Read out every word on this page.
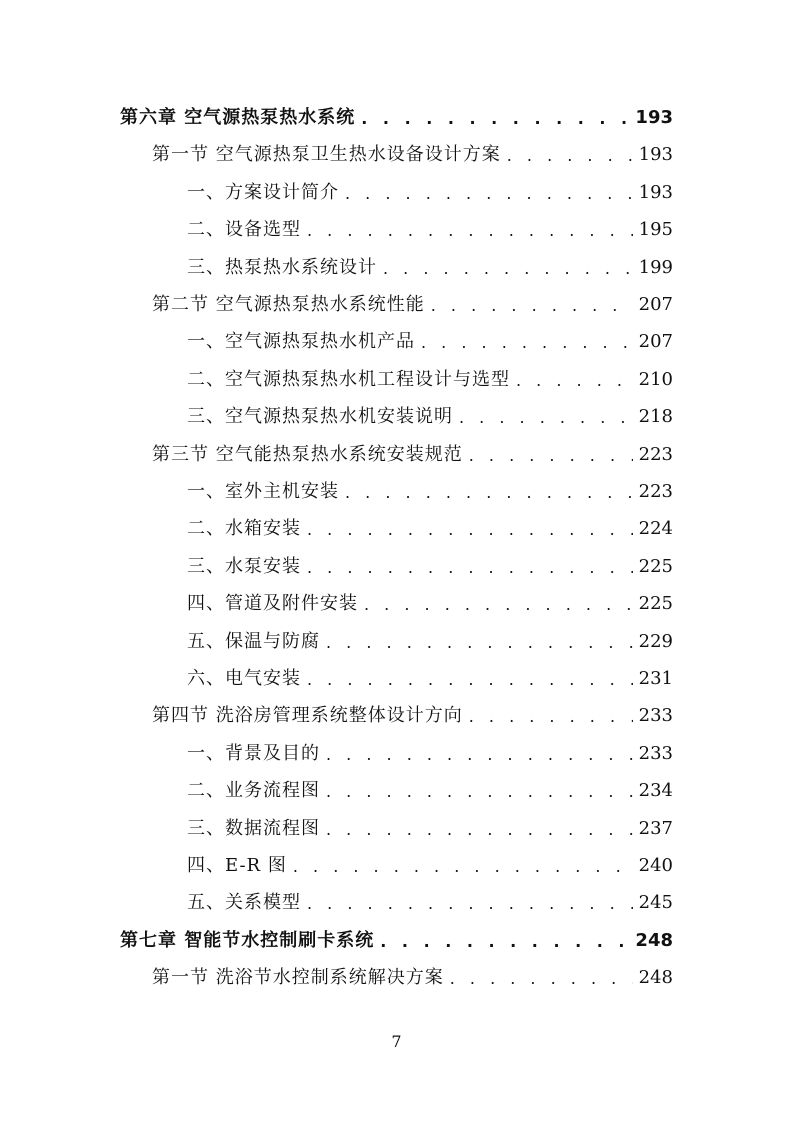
第六章 空气源热泵热水系统 . . .	193
第一节 空气源热泵卫生热水设备设计方案 . . .	193
一、方案设计简介 . . .	193
二、设备选型 . . .	195
三、热泵热水系统设计 . . .	199
第二节 空气源热泵热水系统性能 . . .	207
一、空气源热泵热水机产品 . . .	207
二、空气源热泵热水机工程设计与选型 . . .	210
三、空气源热泵热水机安装说明 . . .	218
第三节 空气能热泵热水系统安装规范 . . .	223
一、室外主机安装 . . .	223
二、水箱安装 . . .	224
三、水泵安装 . . .	225
四、管道及附件安装 . . .	225
五、保温与防腐 . . .	229
六、电气安装 . . .	231
第四节 洗浴房管理系统整体设计方向 . . .	233
一、背景及目的 . . .	233
二、业务流程图 . . .	234
三、数据流程图 . . .	237
四、E-R 图 . . .	240
五、关系模型 . . .	245
第七章 智能节水控制刷卡系统 . . .	248
第一节 洗浴节水控制系统解决方案 . . .	248
7
